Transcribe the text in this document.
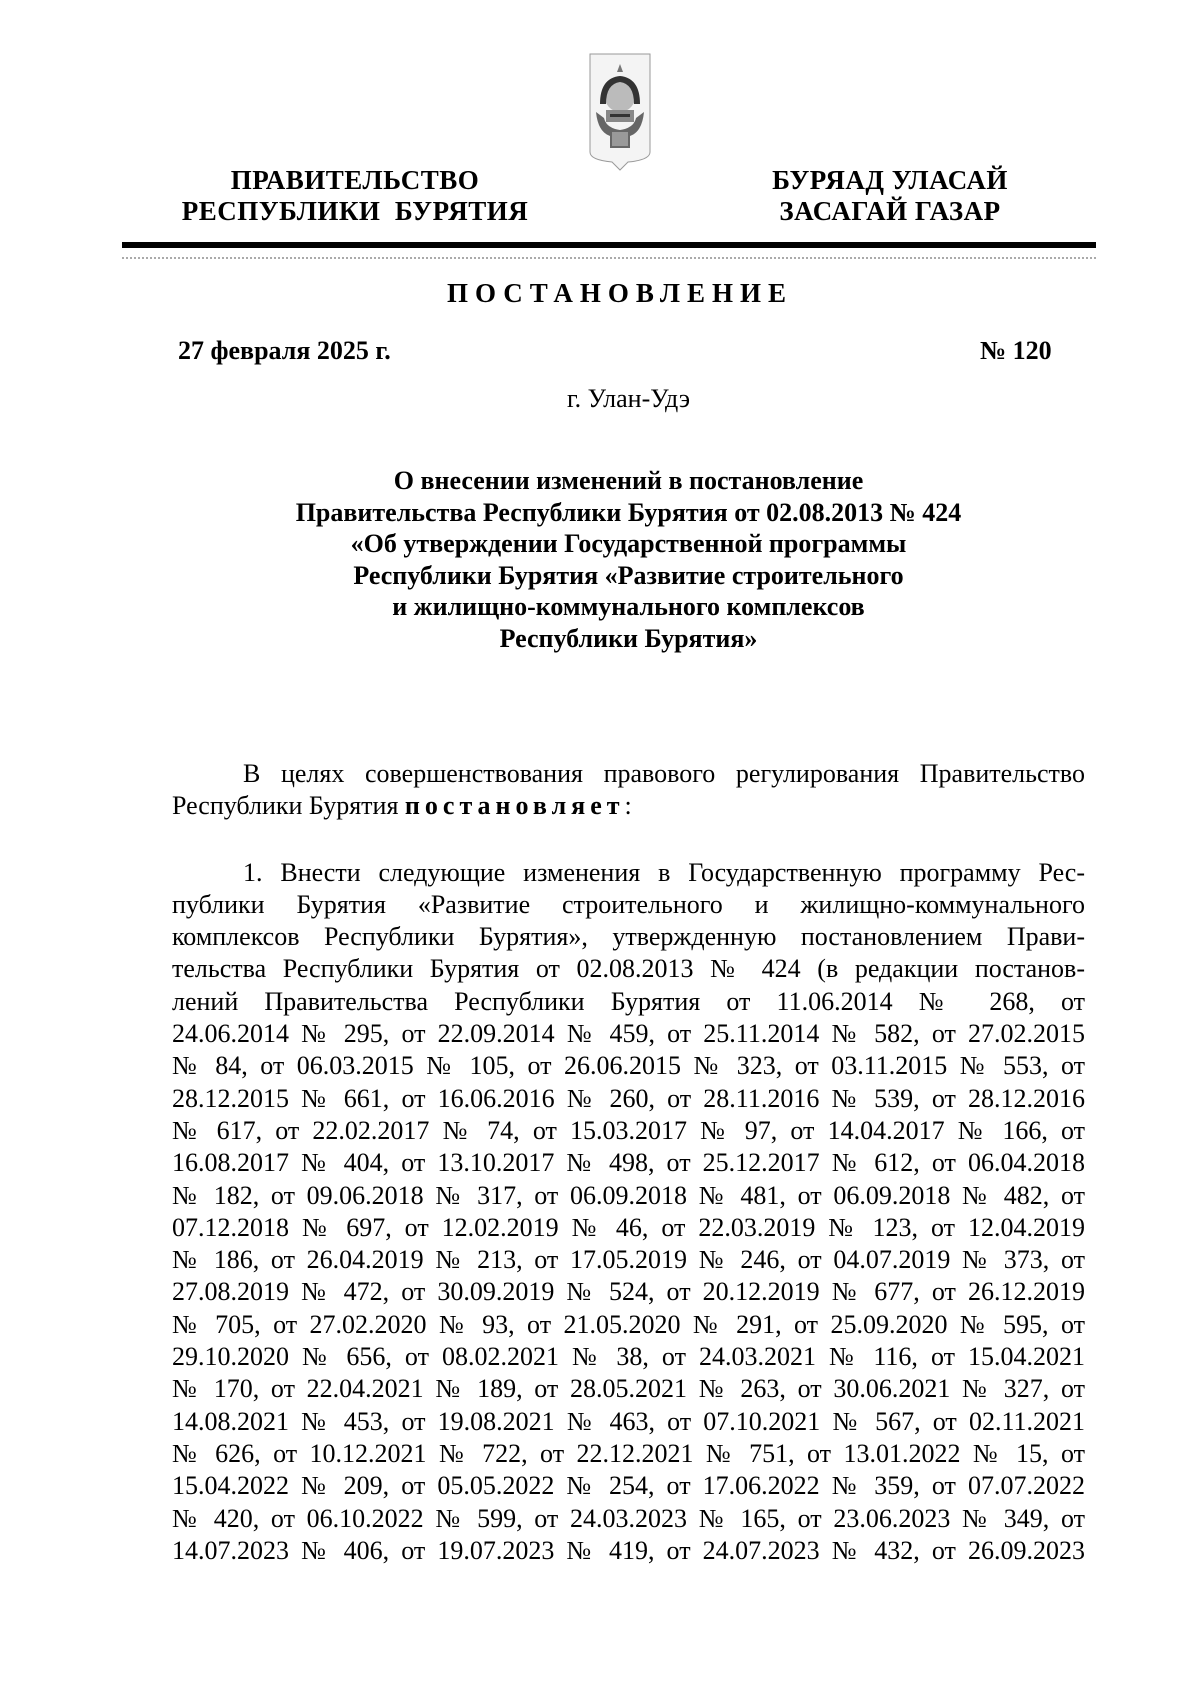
ПРАВИТЕЛЬСТВО
РЕСПУБЛИКИ  БУРЯТИЯ
БУРЯАД УЛАСАЙ
ЗАСАГАЙ ГАЗАР
ПОСТАНОВЛЕНИЕ
27 февраля 2025 г.	№ 120
г. Улан-Удэ
О внесении изменений в постановление
Правительства Республики Бурятия от 02.08.2013 № 424
«Об утверждении Государственной программы
Республики Бурятия «Развитие строительного
и жилищно-коммунального комплексов
Республики Бурятия»
В целях совершенствования правового регулирования Правительство
Республики Бурятия постановляет:
1. Внести следующие изменения в Государственную программу Рес-
публики Бурятия «Развитие строительного и жилищно-коммунального
комплексов Республики Бурятия», утвержденную постановлением Прави-
тельства Республики Бурятия от 02.08.2013 № 424 (в редакции постанов-
лений Правительства Республики Бурятия от 11.06.2014 № 268, от
24.06.2014 № 295, от 22.09.2014 № 459, от 25.11.2014 № 582, от 27.02.2015
№ 84, от 06.03.2015 № 105, от 26.06.2015 № 323, от 03.11.2015 № 553, от
28.12.2015 № 661, от 16.06.2016 № 260, от 28.11.2016 № 539, от 28.12.2016
№ 617, от 22.02.2017 № 74, от 15.03.2017 № 97, от 14.04.2017 № 166, от
16.08.2017 № 404, от 13.10.2017 № 498, от 25.12.2017 № 612, от 06.04.2018
№ 182, от 09.06.2018 № 317, от 06.09.2018 № 481, от 06.09.2018 № 482, от
07.12.2018 № 697, от 12.02.2019 № 46, от 22.03.2019 № 123, от 12.04.2019
№ 186, от 26.04.2019 № 213, от 17.05.2019 № 246, от 04.07.2019 № 373, от
27.08.2019 № 472, от 30.09.2019 № 524, от 20.12.2019 № 677, от 26.12.2019
№ 705, от 27.02.2020 № 93, от 21.05.2020 № 291, от 25.09.2020 № 595, от
29.10.2020 № 656, от 08.02.2021 № 38, от 24.03.2021 № 116, от 15.04.2021
№ 170, от 22.04.2021 № 189, от 28.05.2021 № 263, от 30.06.2021 № 327, от
14.08.2021 № 453, от 19.08.2021 № 463, от 07.10.2021 № 567, от 02.11.2021
№ 626, от 10.12.2021 № 722, от 22.12.2021 № 751, от 13.01.2022 № 15, от
15.04.2022 № 209, от 05.05.2022 № 254, от 17.06.2022 № 359, от 07.07.2022
№ 420, от 06.10.2022 № 599, от 24.03.2023 № 165, от 23.06.2023 № 349, от
14.07.2023 № 406, от 19.07.2023 № 419, от 24.07.2023 № 432, от 26.09.2023
